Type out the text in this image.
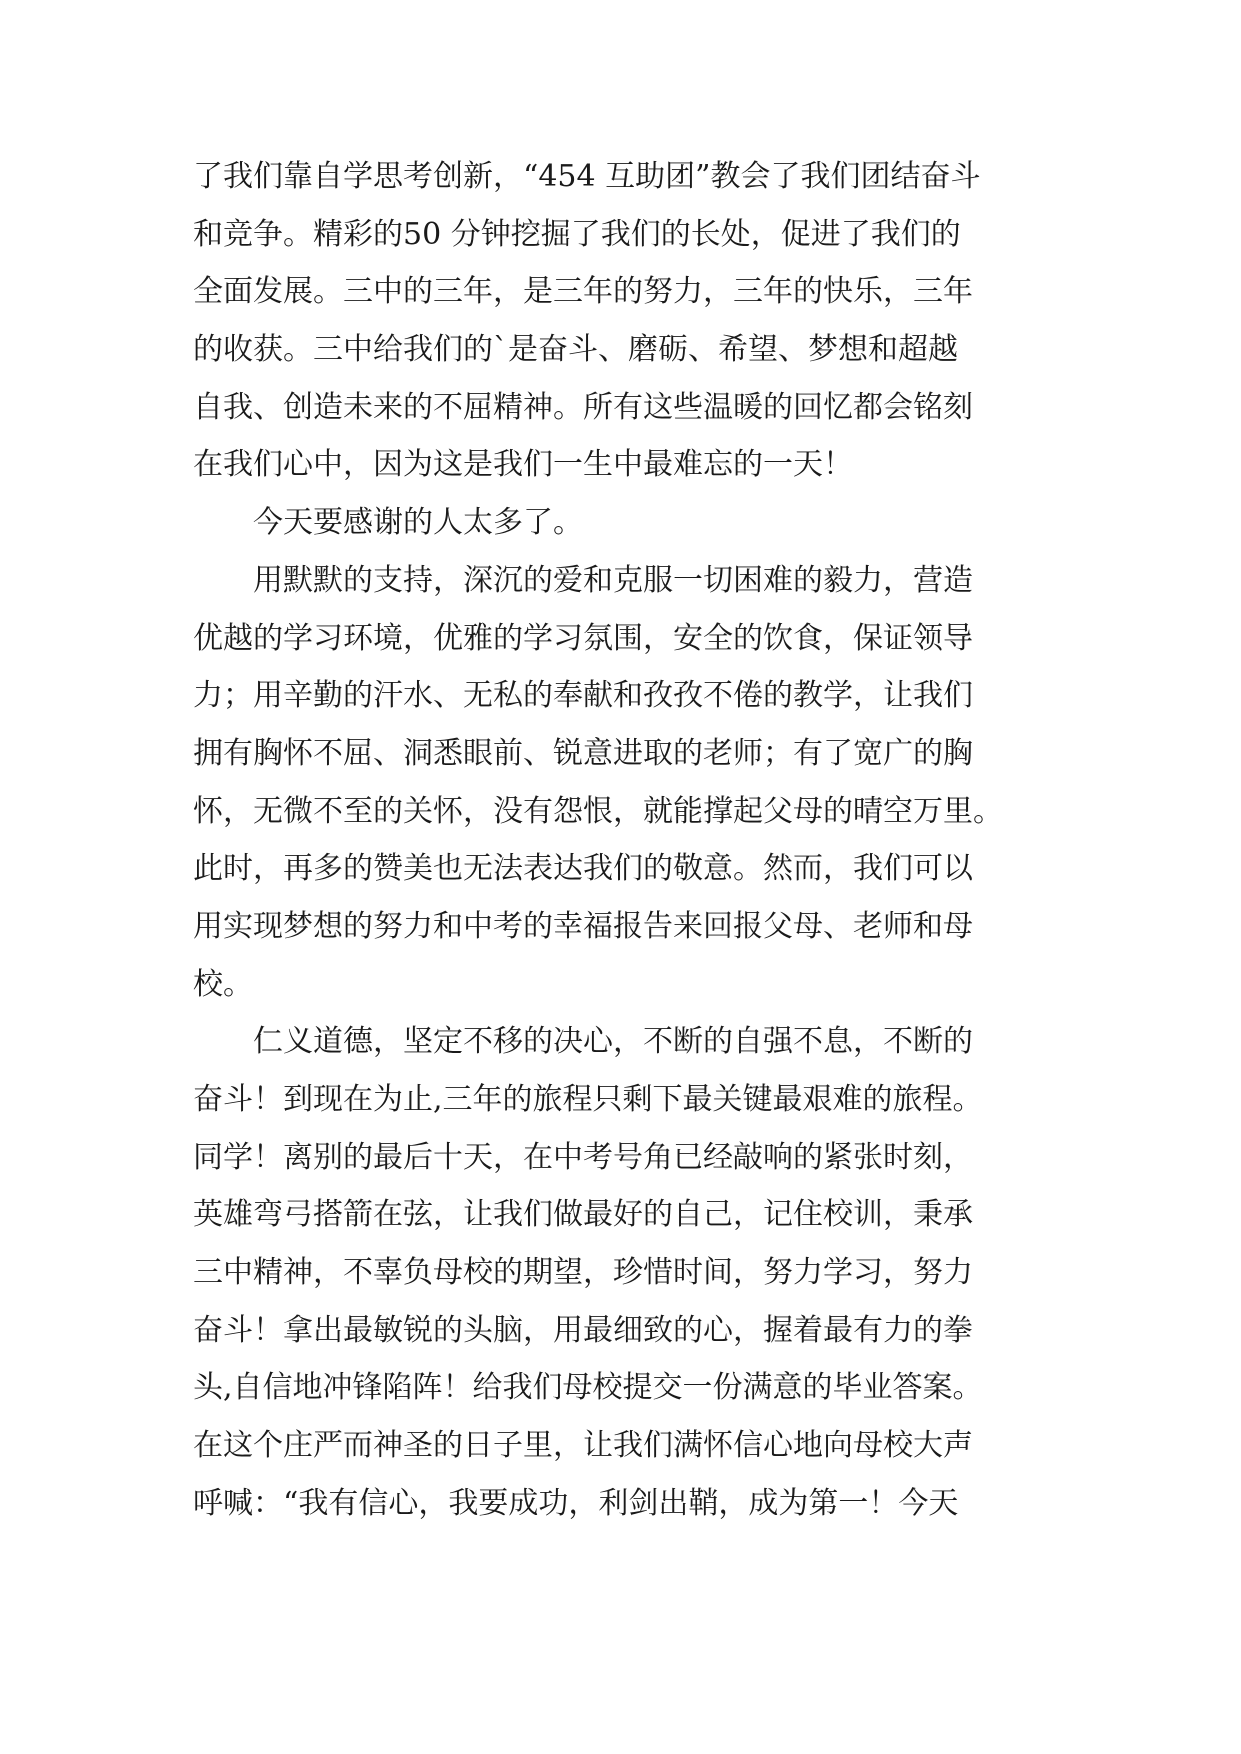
了我们靠自学思考创新，“454 互助团”教会了我们团结奋斗
和竞争。精彩的50 分钟挖掘了我们的长处，促进了我们的
全面发展。三中的三年，是三年的努力，三年的快乐，三年
的收获。三中给我们的`是奋斗、磨砺、希望、梦想和超越
自我、创造未来的不屈精神。所有这些温暖的回忆都会铭刻
在我们心中，因为这是我们一生中最难忘的一天！
　　今天要感谢的人太多了。
　　用默默的支持，深沉的爱和克服一切困难的毅力，营造
优越的学习环境，优雅的学习氛围，安全的饮食，保证领导
力；用辛勤的汗水、无私的奉献和孜孜不倦的教学，让我们
拥有胸怀不屈、洞悉眼前、锐意进取的老师；有了宽广的胸
怀，无微不至的关怀，没有怨恨，就能撑起父母的晴空万里。
此时，再多的赞美也无法表达我们的敬意。然而，我们可以
用实现梦想的努力和中考的幸福报告来回报父母、老师和母
校。
　　仁义道德，坚定不移的决心，不断的自强不息，不断的
奋斗！到现在为止,三年的旅程只剩下最关键最艰难的旅程。
同学！离别的最后十天，在中考号角已经敲响的紧张时刻，
英雄弯弓搭箭在弦，让我们做最好的自己，记住校训，秉承
三中精神，不辜负母校的期望，珍惜时间，努力学习，努力
奋斗！拿出最敏锐的头脑，用最细致的心，握着最有力的拳
头,自信地冲锋陷阵！给我们母校提交一份满意的毕业答案。
在这个庄严而神圣的日子里，让我们满怀信心地向母校大声
呼喊：“我有信心，我要成功，利剑出鞘，成为第一！今天
